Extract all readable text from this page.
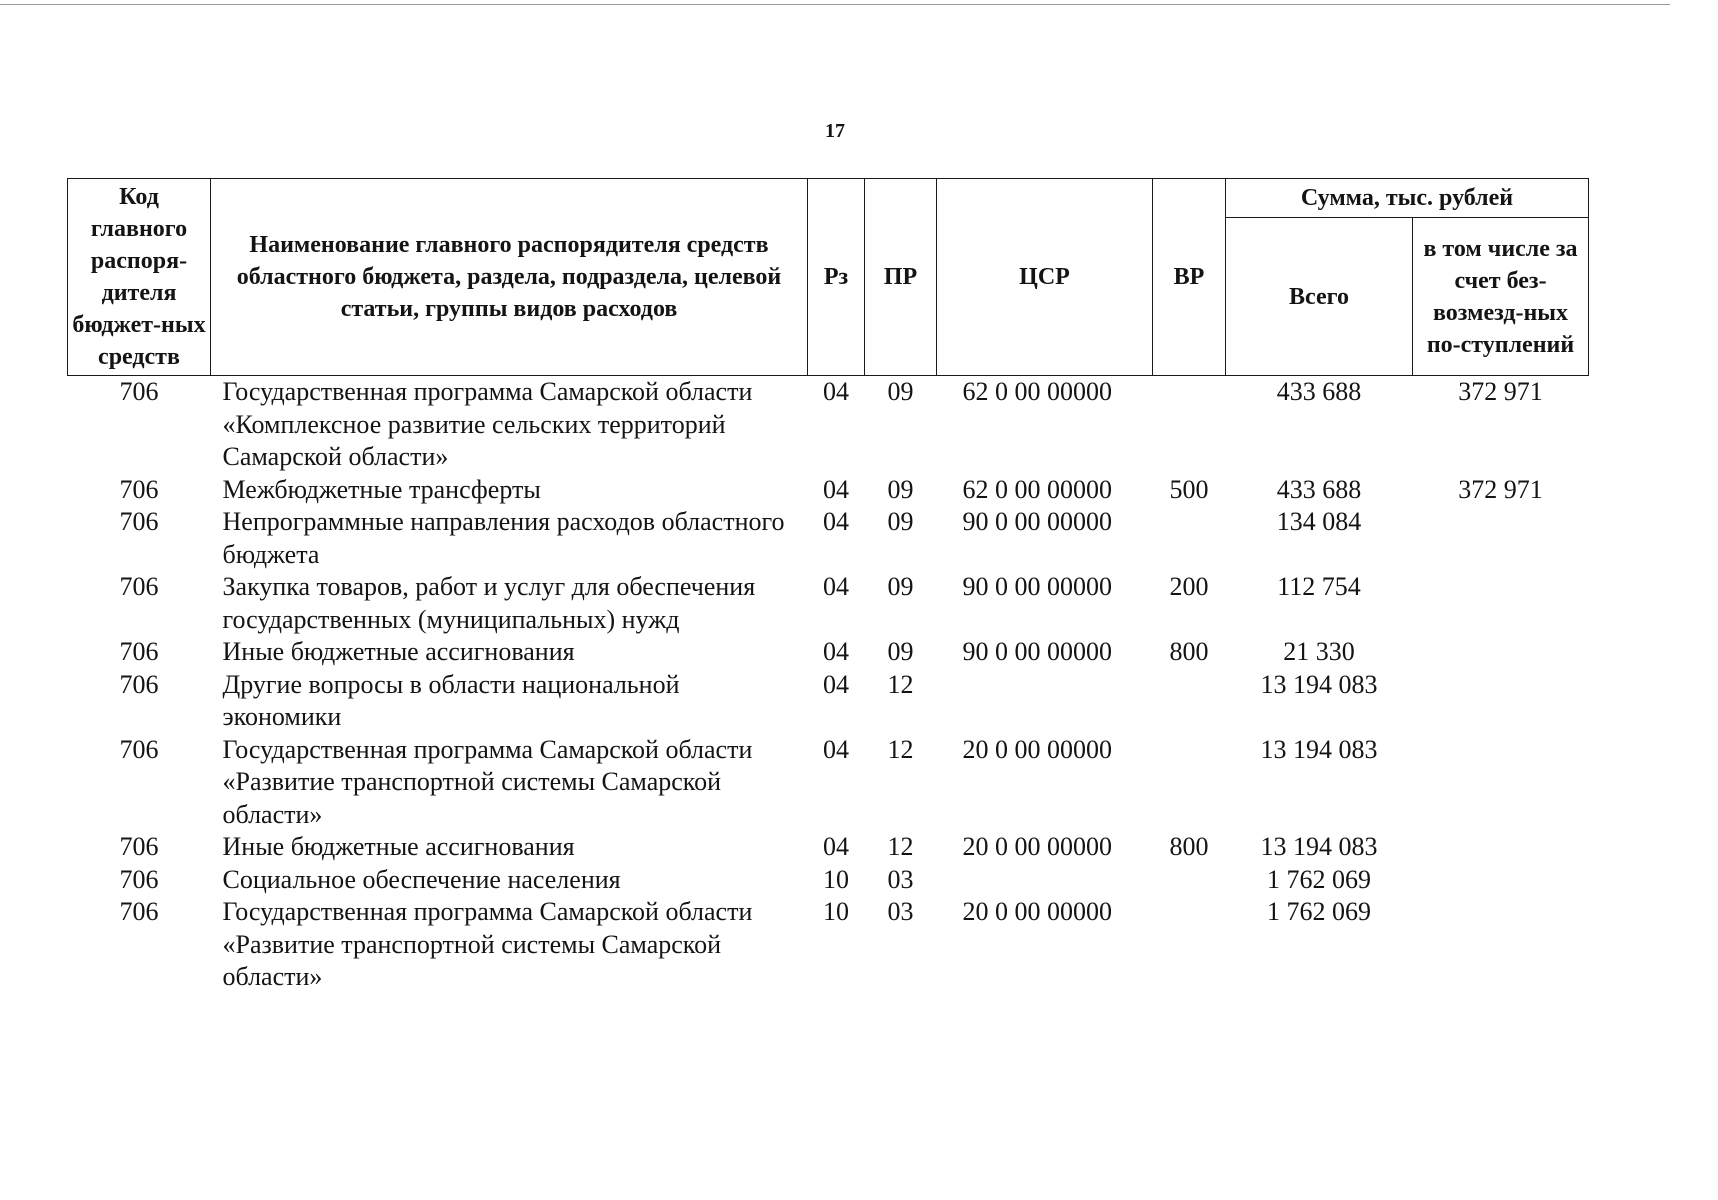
17
Код главного распоря-дителя бюджет-ных средств	Наименование главного распорядителя средств областного бюджета, раздела, подраздела, целевой статьи, группы видов расходов	Рз	ПР	ЦСР	ВР	Сумма, тыс. рублей	
						Всего	в том числе за счет без-возмезд-ных по-ступлений
706	Государственная программа Самарской области «Комплексное развитие сельских территорий Самарской области»	04	09	62 0 00 00000		433 688	372 971
706	Межбюджетные трансферты	04	09	62 0 00 00000	500	433 688	372 971
706	Непрограммные направления расходов областного бюджета	04	09	90 0 00 00000		134 084	
706	Закупка товаров, работ и услуг для обеспечения государственных (муниципальных) нужд	04	09	90 0 00 00000	200	112 754	
706	Иные бюджетные ассигнования	04	09	90 0 00 00000	800	21 330	
706	Другие вопросы в области национальной экономики	04	12			13 194 083	
706	Государственная программа Самарской области «Развитие транспортной системы Самарской области»	04	12	20 0 00 00000		13 194 083	
706	Иные бюджетные ассигнования	04	12	20 0 00 00000	800	13 194 083	
706	Социальное обеспечение населения	10	03			1 762 069	
706	Государственная программа Самарской области «Развитие транспортной системы Самарской области»	10	03	20 0 00 00000		1 762 069	
